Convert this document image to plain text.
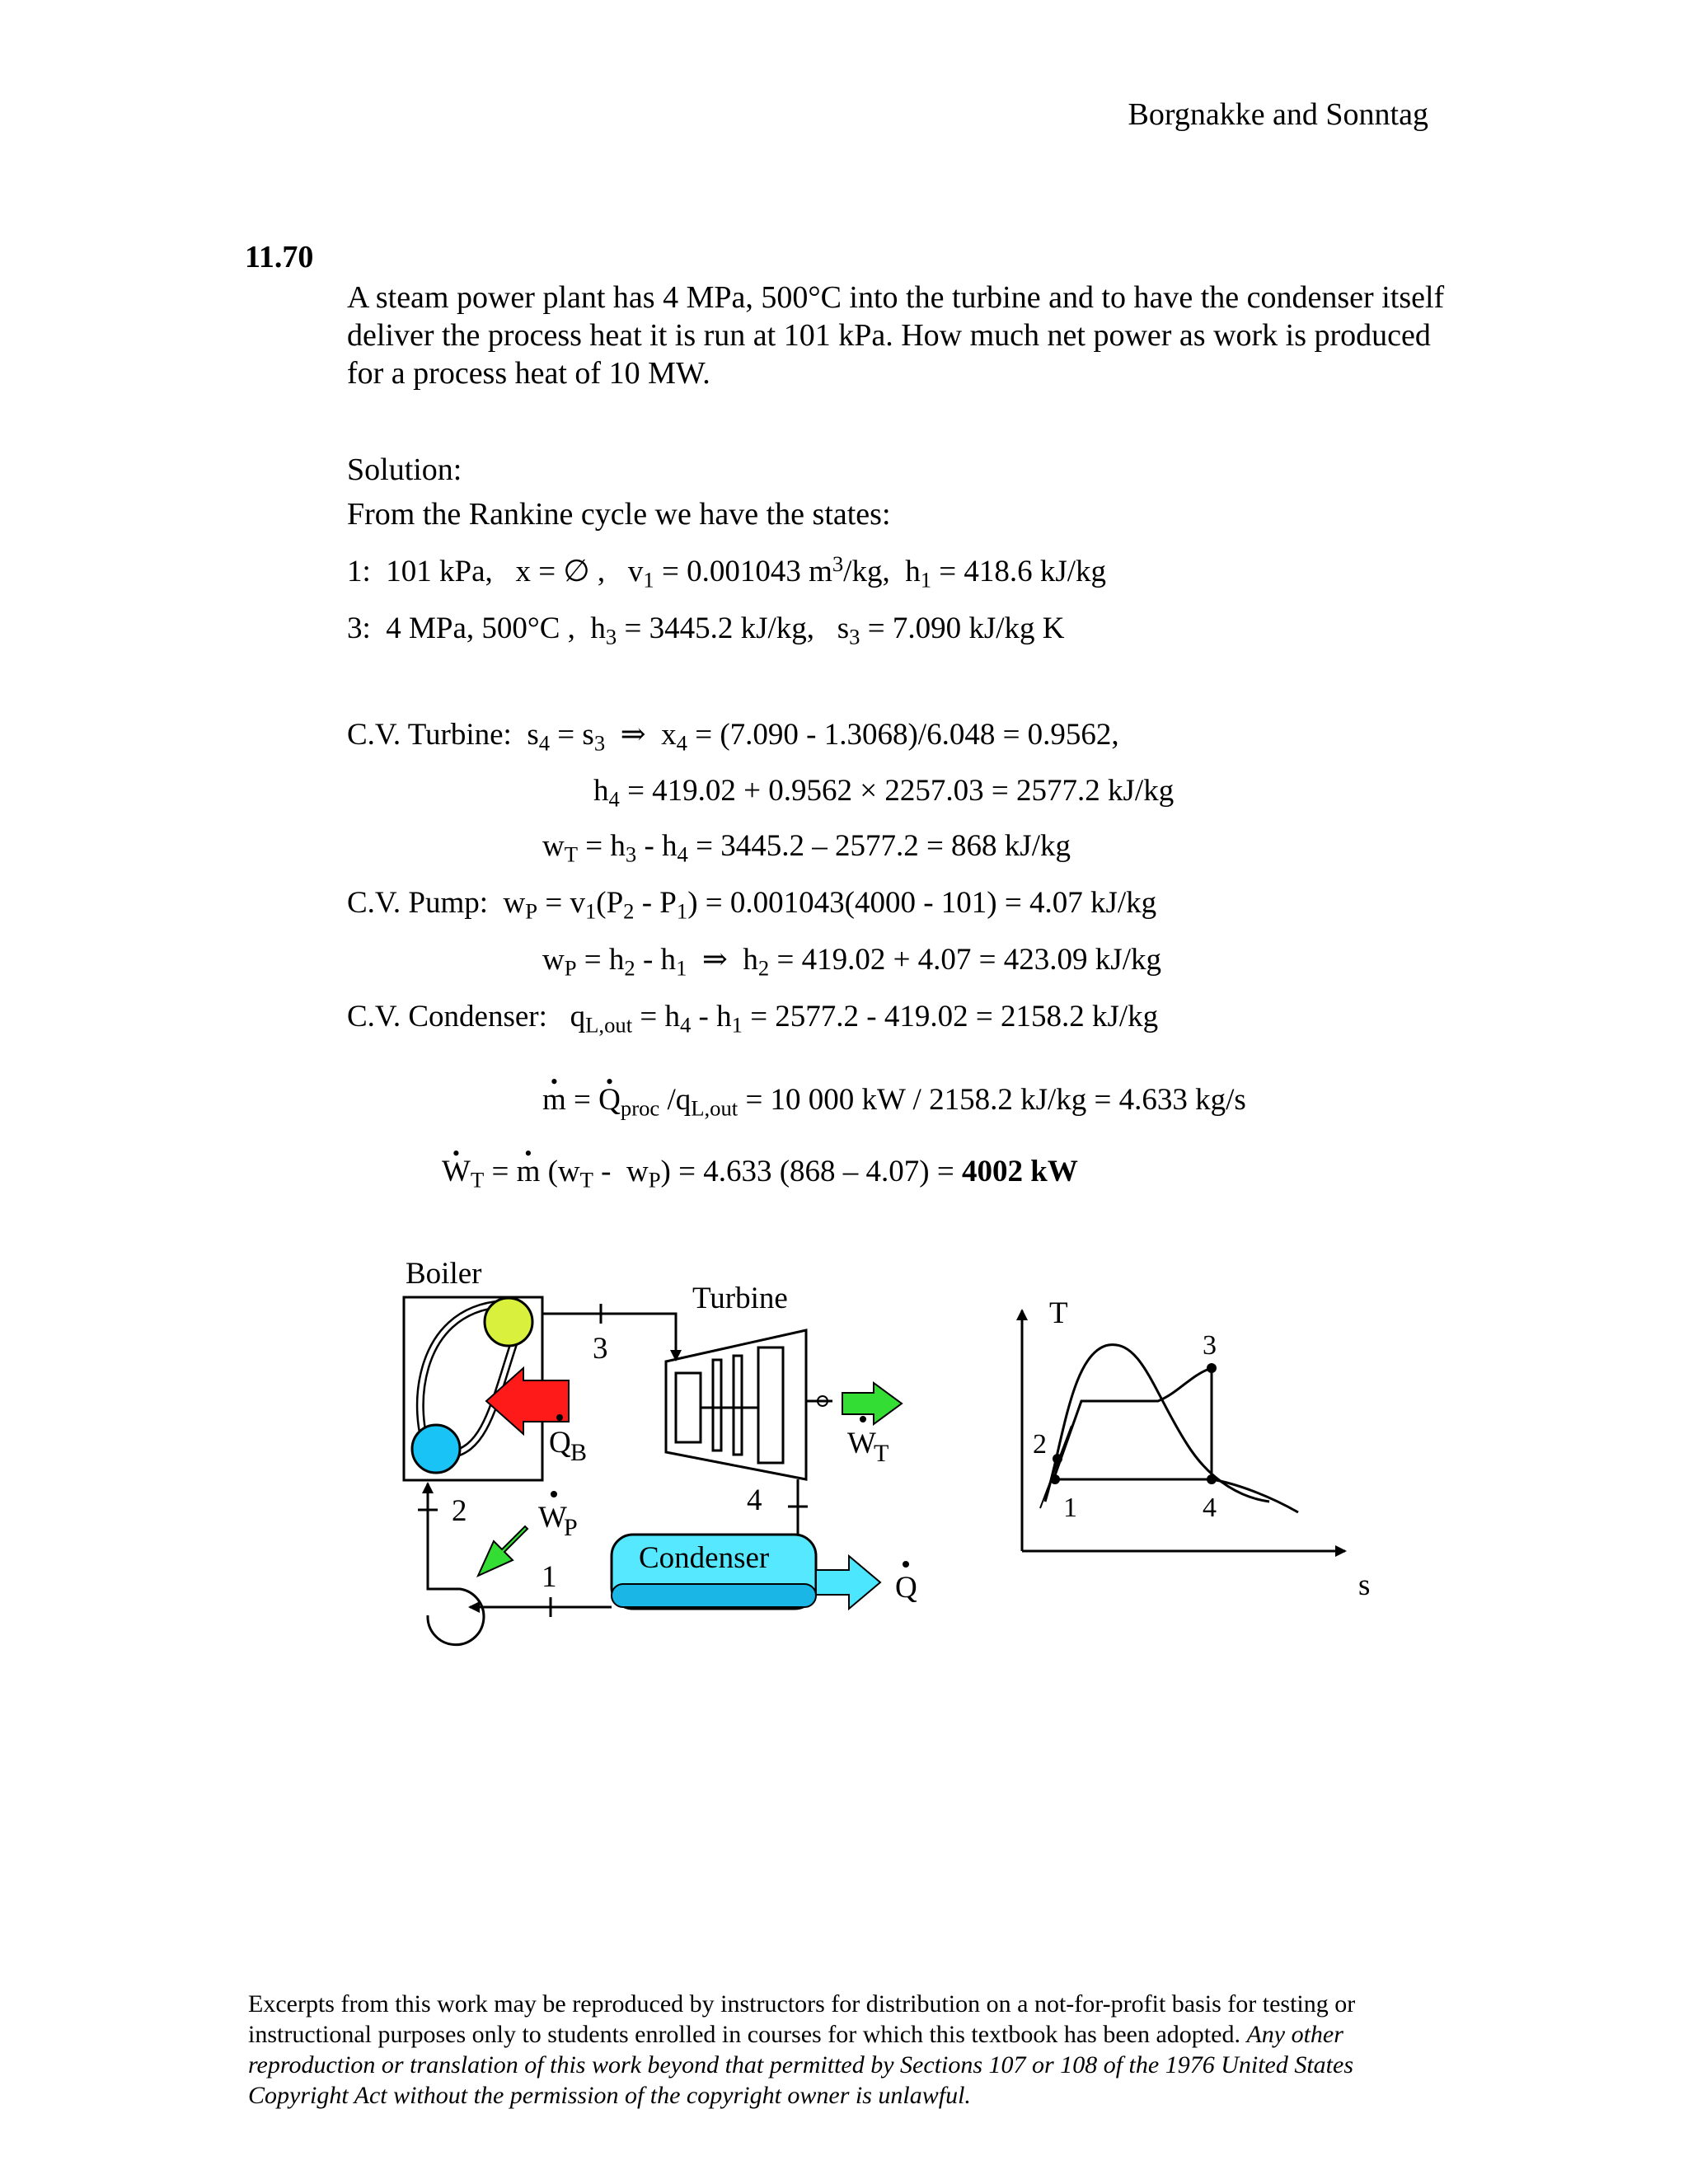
Borgnakke and Sonntag
11.70
A steam power plant has 4 MPa, 500°C into the turbine and to have the condenser itself deliver the process heat it is run at 101 kPa. How much net power as work is produced for a process heat of 10 MW.
Solution:
From the Rankine cycle we have the states:
1: 101 kPa, x = ∅ , $v_1 = 0.001043$ $m^3/kg$, $h_1 = 418.6$ kJ/kg
3: 4 MPa, 500°C , $h_3 = 3445.2$ kJ/kg, $s_3 = 7.090$ kJ/kg K
C.V. Turbine: $s_4 = s_3$  ⇒  $x_4 = (7.090 - 1.3068)/6.048 = 0.9562$,
$h_4 = 419.02 + 0.9562 \times 2257.03 = 2577.2$ kJ/kg
$w_T = h_3 - h_4 = 3445.2 - 2577.2 = 868$ kJ/kg
C.V. Pump: $w_P = v_1(P_2 - P_1) = 0.001043(4000 - 101) = 4.07$ kJ/kg
$w_P = h_2 - h_1$  ⇒  $h_2 = 419.02 + 4.07 = 423.09$ kJ/kg
C.V. Condenser: $q_{L,out} = h_4 - h_1 = 2577.2 - 419.02 = 2158.2$ kJ/kg
• m = • $Q_{proc}$ $/q_{L,out} = 10$ 000 kW / 2158.2 kJ/kg = 4.633 kg/s
• $W_T$ = • m $(w_T - w_P) = 4.633$ (868 – 4.07) = 4002 kW
Boiler
3
Turbine
Q B	W
T
4
Condenser
Q
1
2 W
P
T
s
1
2
3
4
Excerpts from this work may be reproduced by instructors for distribution on a not-for-profit basis for testing or instructional purposes only to students enrolled in courses for which this textbook has been adopted. Any other reproduction or translation of this work beyond that permitted by Sections 107 or 108 of the 1976 United States Copyright Act without the permission of the copyright owner is unlawful.
